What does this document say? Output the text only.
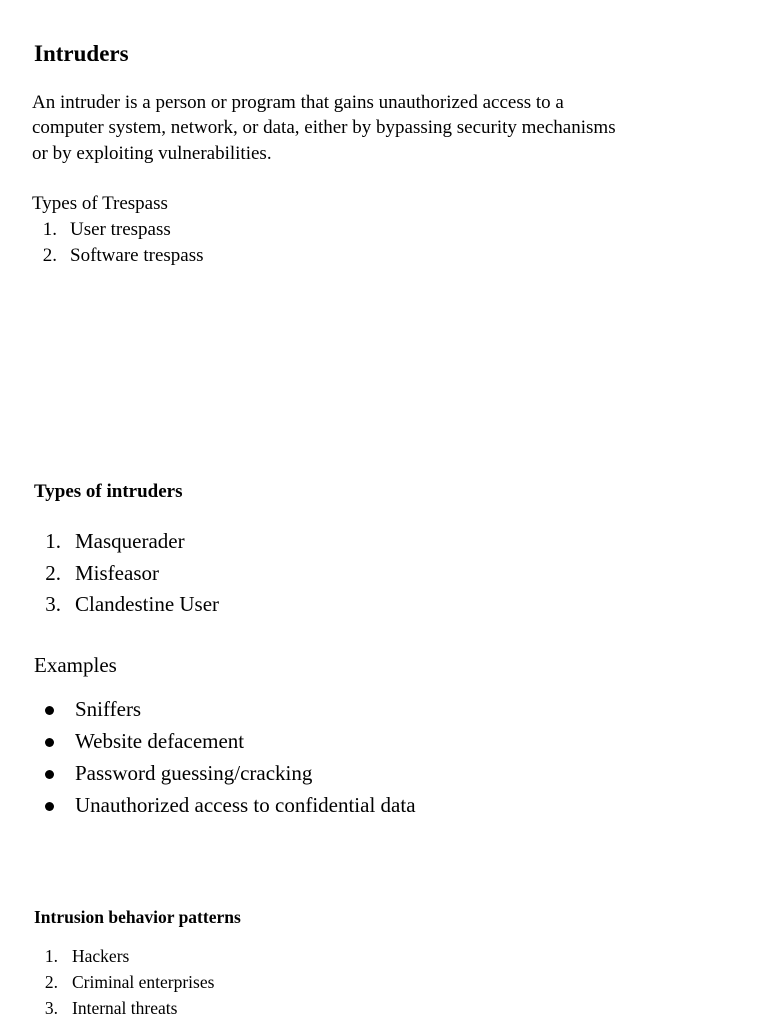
Intruders

An intruder is a person or program that gains unauthorized access to a
computer system, network, or data, either by bypassing security mechanisms
or by exploiting vulnerabilities.

Types of Trespass
1. User trespass
2. Software trespass
Types of intruders
1. Masquerader
2. Misfeasor
3. Clandestine User
Examples
Sniffers
Website defacement
Password guessing/cracking
Unauthorized access to confidential data
Intrusion behavior patterns
1. Hackers
2. Criminal enterprises
3. Internal threats
